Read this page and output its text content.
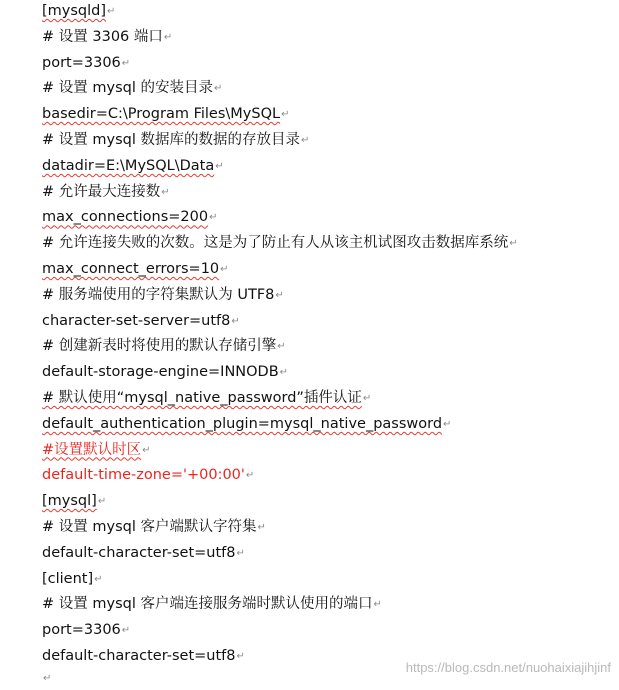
[mysqld]↵
# 设置 3306 端口↵
port=3306↵
# 设置 mysql 的安装目录↵
basedir=C:\Program Files\MySQL↵
# 设置 mysql 数据库的数据的存放目录↵
datadir=E:\MySQL\Data↵
# 允许最大连接数↵
max_connections=200↵
# 允许连接失败的次数。这是为了防止有人从该主机试图攻击数据库系统↵
max_connect_errors=10↵
# 服务端使用的字符集默认为 UTF8↵
character-set-server=utf8↵
# 创建新表时将使用的默认存储引擎↵
default-storage-engine=INNODB↵
# 默认使用“mysql_native_password”插件认证↵
default_authentication_plugin=mysql_native_password↵
#设置默认时区↵
default-time-zone='+00:00'↵
[mysql]↵
# 设置 mysql 客户端默认字符集↵
default-character-set=utf8↵
[client]↵
# 设置 mysql 客户端连接服务端时默认使用的端口↵
port=3306↵
default-character-set=utf8↵
↵
https://blog.csdn.net/nuohaixiajihjinf
